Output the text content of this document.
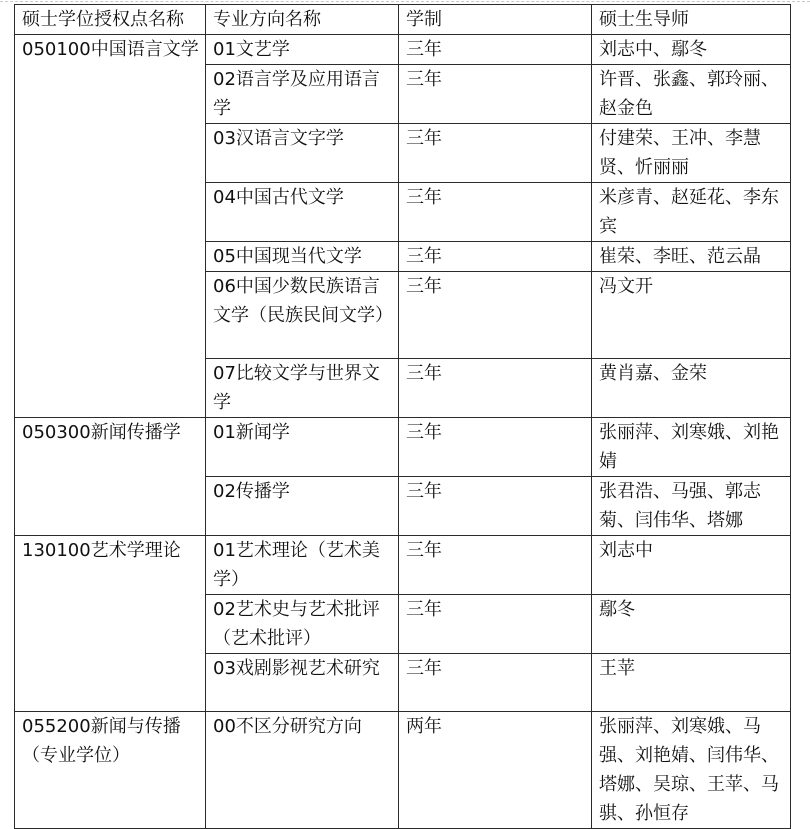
硕士学位授权点名称	专业方向名称	学制	硕士生导师
050100中国语言文学	01文艺学	三年	刘志中、鄢冬
	02语言学及应用语言学	三年	许晋、张鑫、郭玲丽、赵金色
	03汉语言文字学	三年	付建荣、王冲、李慧贤、忻丽丽
	04中国古代文学	三年	米彦青、赵延花、李东宾
	05中国现当代文学	三年	崔荣、李旺、范云晶
	06中国少数民族语言文学（民族民间文学）	三年	冯文开
	07比较文学与世界文学	三年	黄肖嘉、金荣
050300新闻传播学	01新闻学	三年	张丽萍、刘寒娥、刘艳婧
	02传播学	三年	张君浩、马强、郭志菊、闫伟华、塔娜
130100艺术学理论	01艺术理论（艺术美学）	三年	刘志中
	02艺术史与艺术批评（艺术批评）	三年	鄢冬
	03戏剧影视艺术研究	三年	王苹
055200新闻与传播（专业学位）	00不区分研究方向	两年	张丽萍、刘寒娥、马强、刘艳婧、闫伟华、塔娜、吴琼、王苹、马骐、孙恒存
